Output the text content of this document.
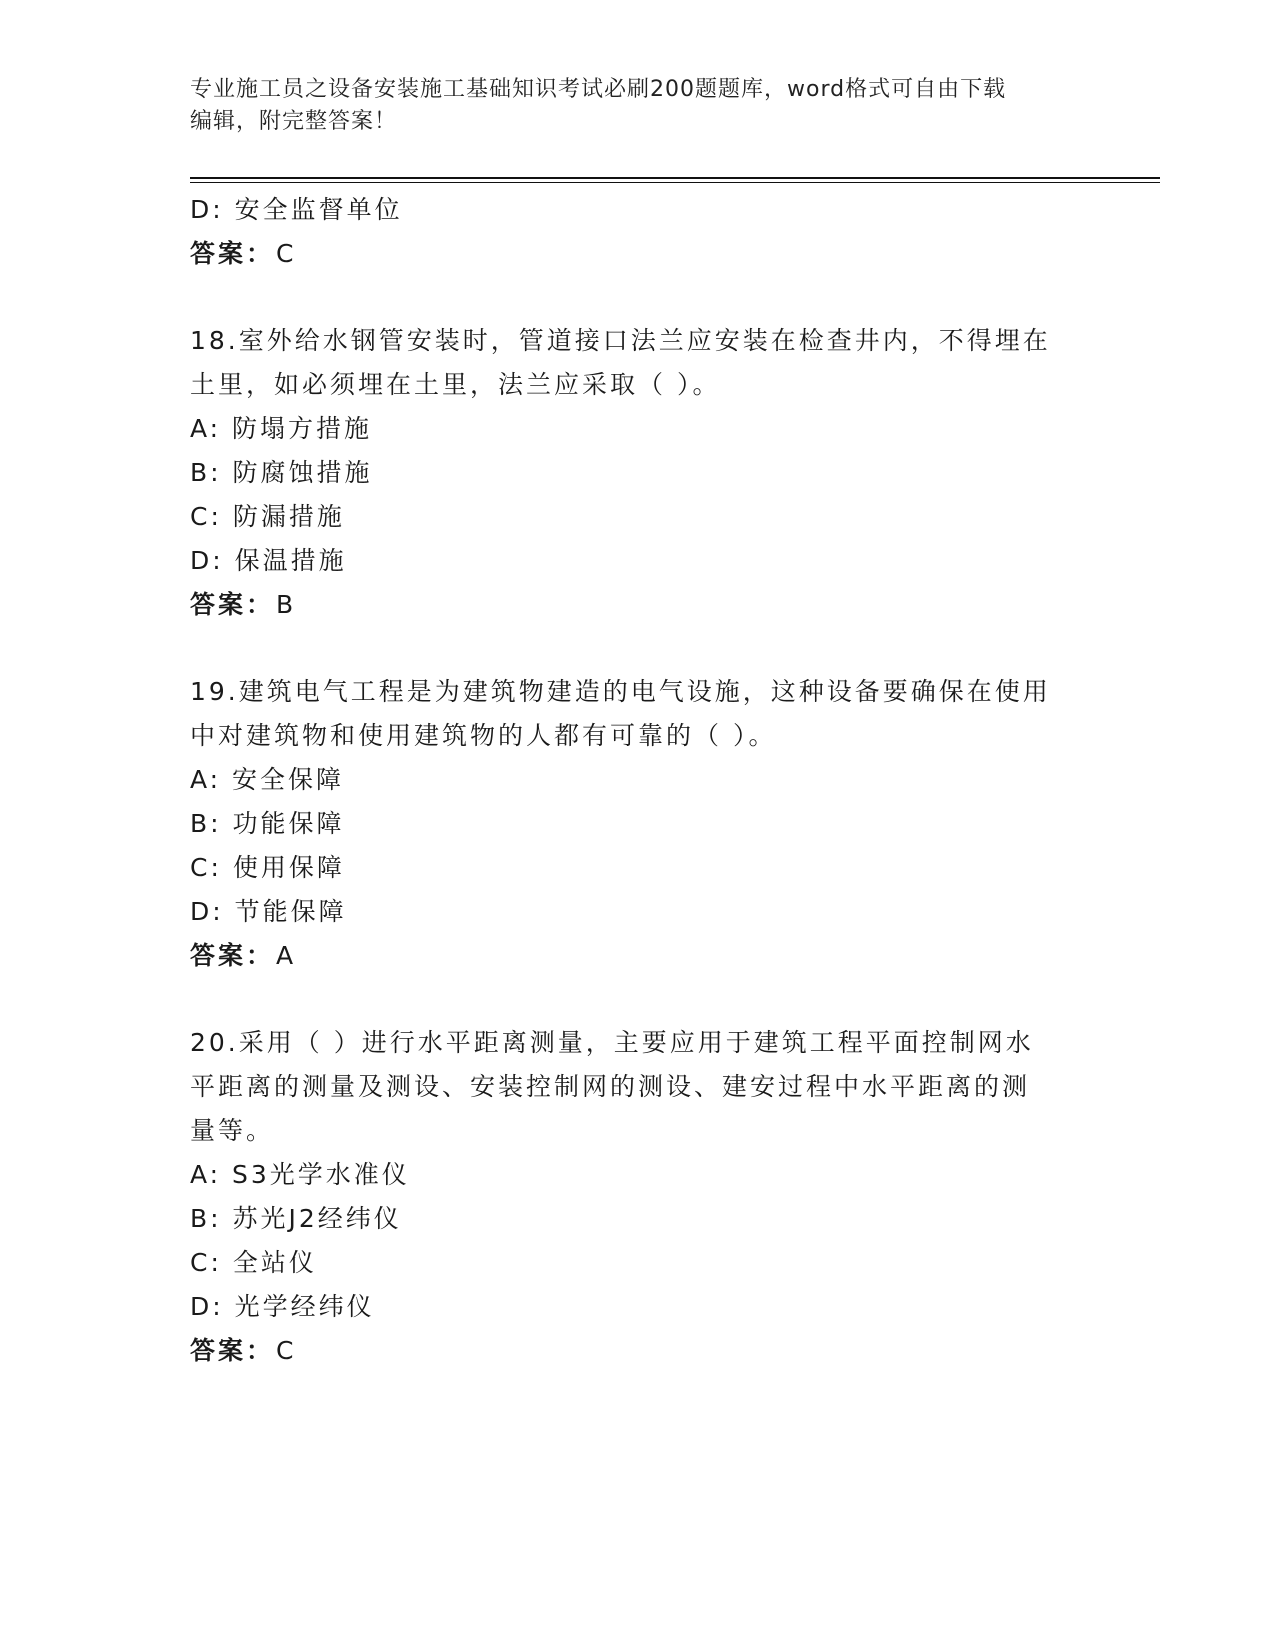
专业施工员之设备安装施工基础知识考试必刷200题题库，word格式可自由下载
编辑，附完整答案！
D: 安全监督单位
答案：C
18.室外给水钢管安装时，管道接口法兰应安装在检查井内，不得埋在
土里，如必须埋在土里，法兰应采取（ ）。
A: 防塌方措施
B: 防腐蚀措施
C: 防漏措施
D: 保温措施
答案：B
19.建筑电气工程是为建筑物建造的电气设施，这种设备要确保在使用
中对建筑物和使用建筑物的人都有可靠的（ ）。
A: 安全保障
B: 功能保障
C: 使用保障
D: 节能保障
答案：A
20.采用（ ）进行水平距离测量，主要应用于建筑工程平面控制网水
平距离的测量及测设、安装控制网的测设、建安过程中水平距离的测
量等。
A: S3光学水准仪
B: 苏光J2经纬仪
C: 全站仪
D: 光学经纬仪
答案：C
